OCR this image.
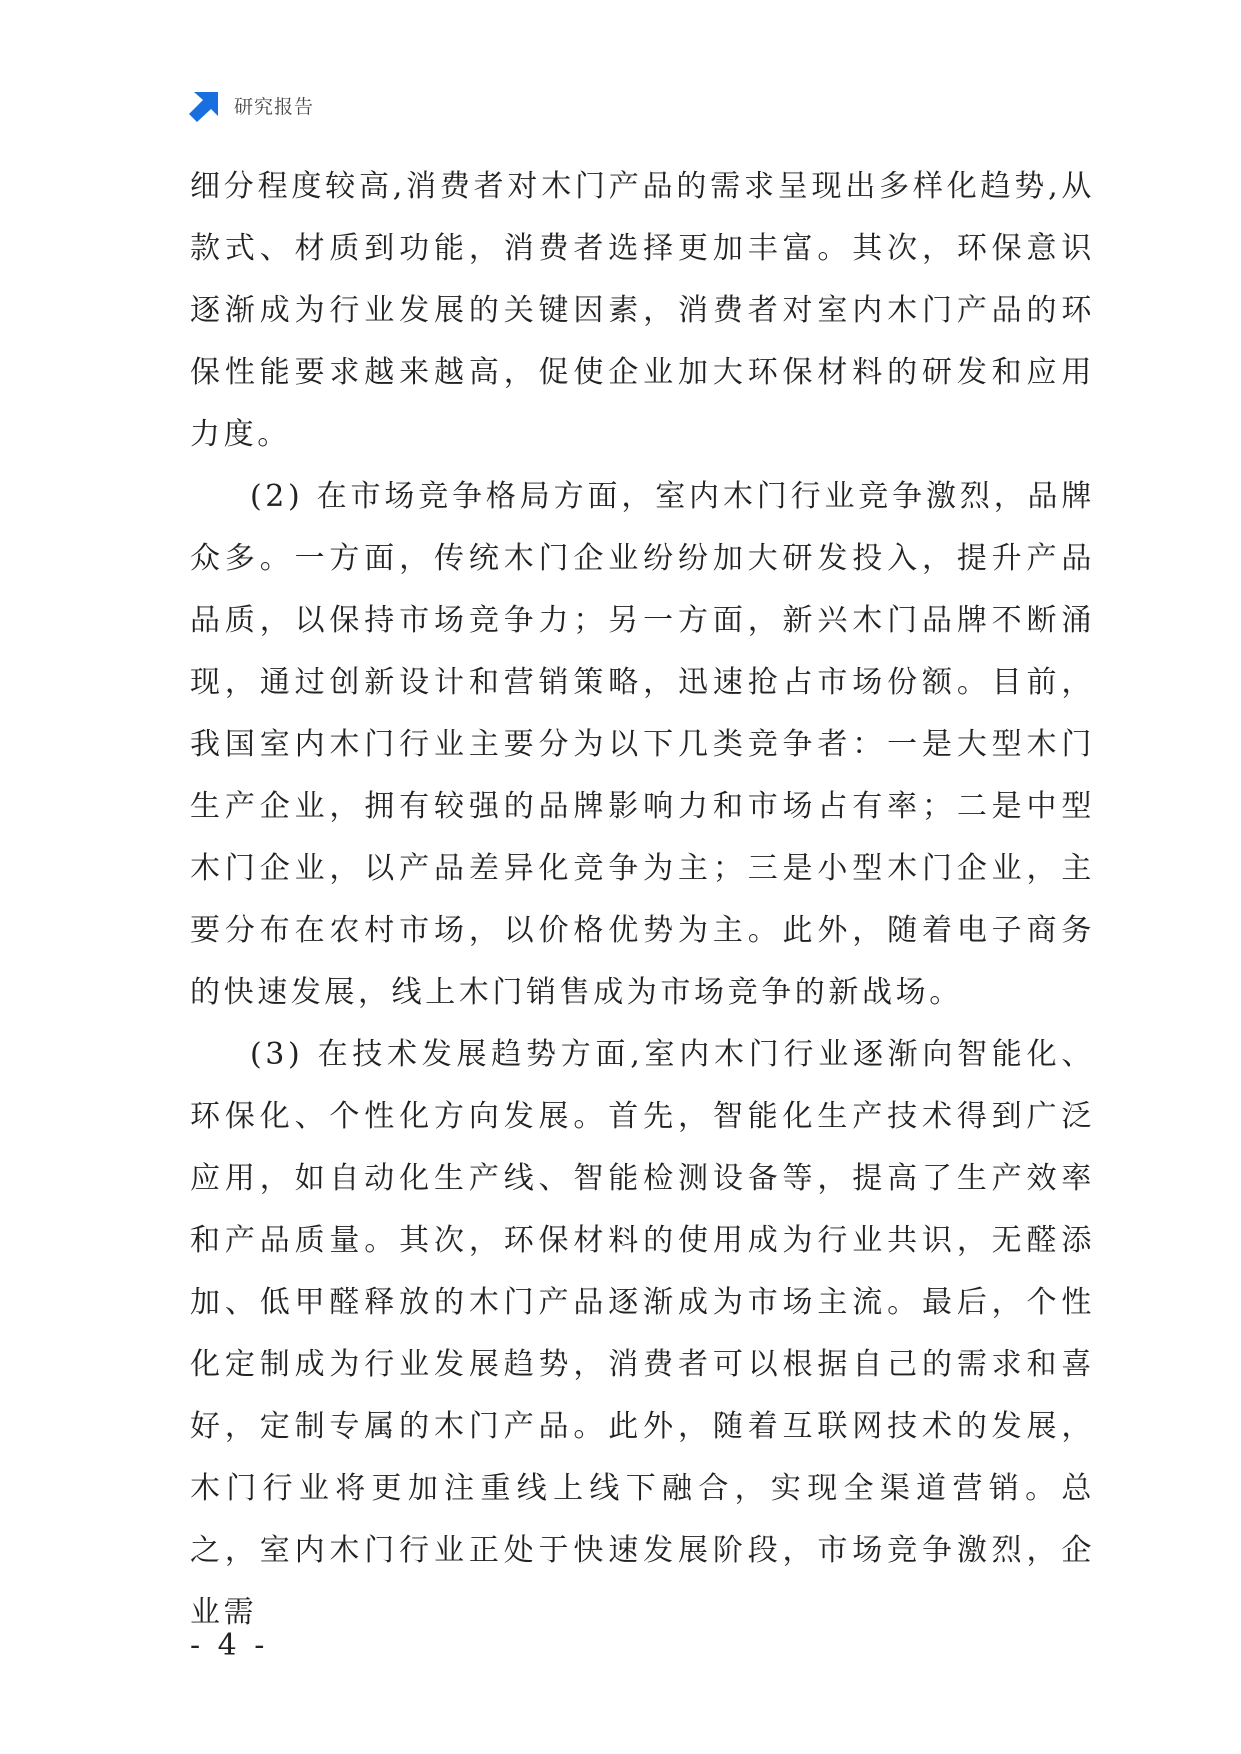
研究报告

细分程度较高,消费者对木门产品的需求呈现出多样化趋势,从款式、材质到功能，消费者选择更加丰富。其次，环保意识逐渐成为行业发展的关键因素，消费者对室内木门产品的环保性能要求越来越高，促使企业加大环保材料的研发和应用力度。

(2) 在市场竞争格局方面，室内木门行业竞争激烈，品牌众多。一方面，传统木门企业纷纷加大研发投入，提升产品品质，以保持市场竞争力；另一方面，新兴木门品牌不断涌现，通过创新设计和营销策略，迅速抢占市场份额。目前，我国室内木门行业主要分为以下几类竞争者：一是大型木门生产企业，拥有较强的品牌影响力和市场占有率；二是中型木门企业，以产品差异化竞争为主；三是小型木门企业，主要分布在农村市场，以价格优势为主。此外，随着电子商务的快速发展，线上木门销售成为市场竞争的新战场。

(3) 在技术发展趋势方面,室内木门行业逐渐向智能化、环保化、个性化方向发展。首先，智能化生产技术得到广泛应用，如自动化生产线、智能检测设备等，提高了生产效率和产品质量。其次，环保材料的使用成为行业共识，无醛添加、低甲醛释放的木门产品逐渐成为市场主流。最后，个性化定制成为行业发展趋势，消费者可以根据自己的需求和喜好，定制专属的木门产品。此外，随着互联网技术的发展，木门行业将更加注重线上线下融合，实现全渠道营销。总之，室内木门行业正处于快速发展阶段，市场竞争激烈，企业需

- 4 -
